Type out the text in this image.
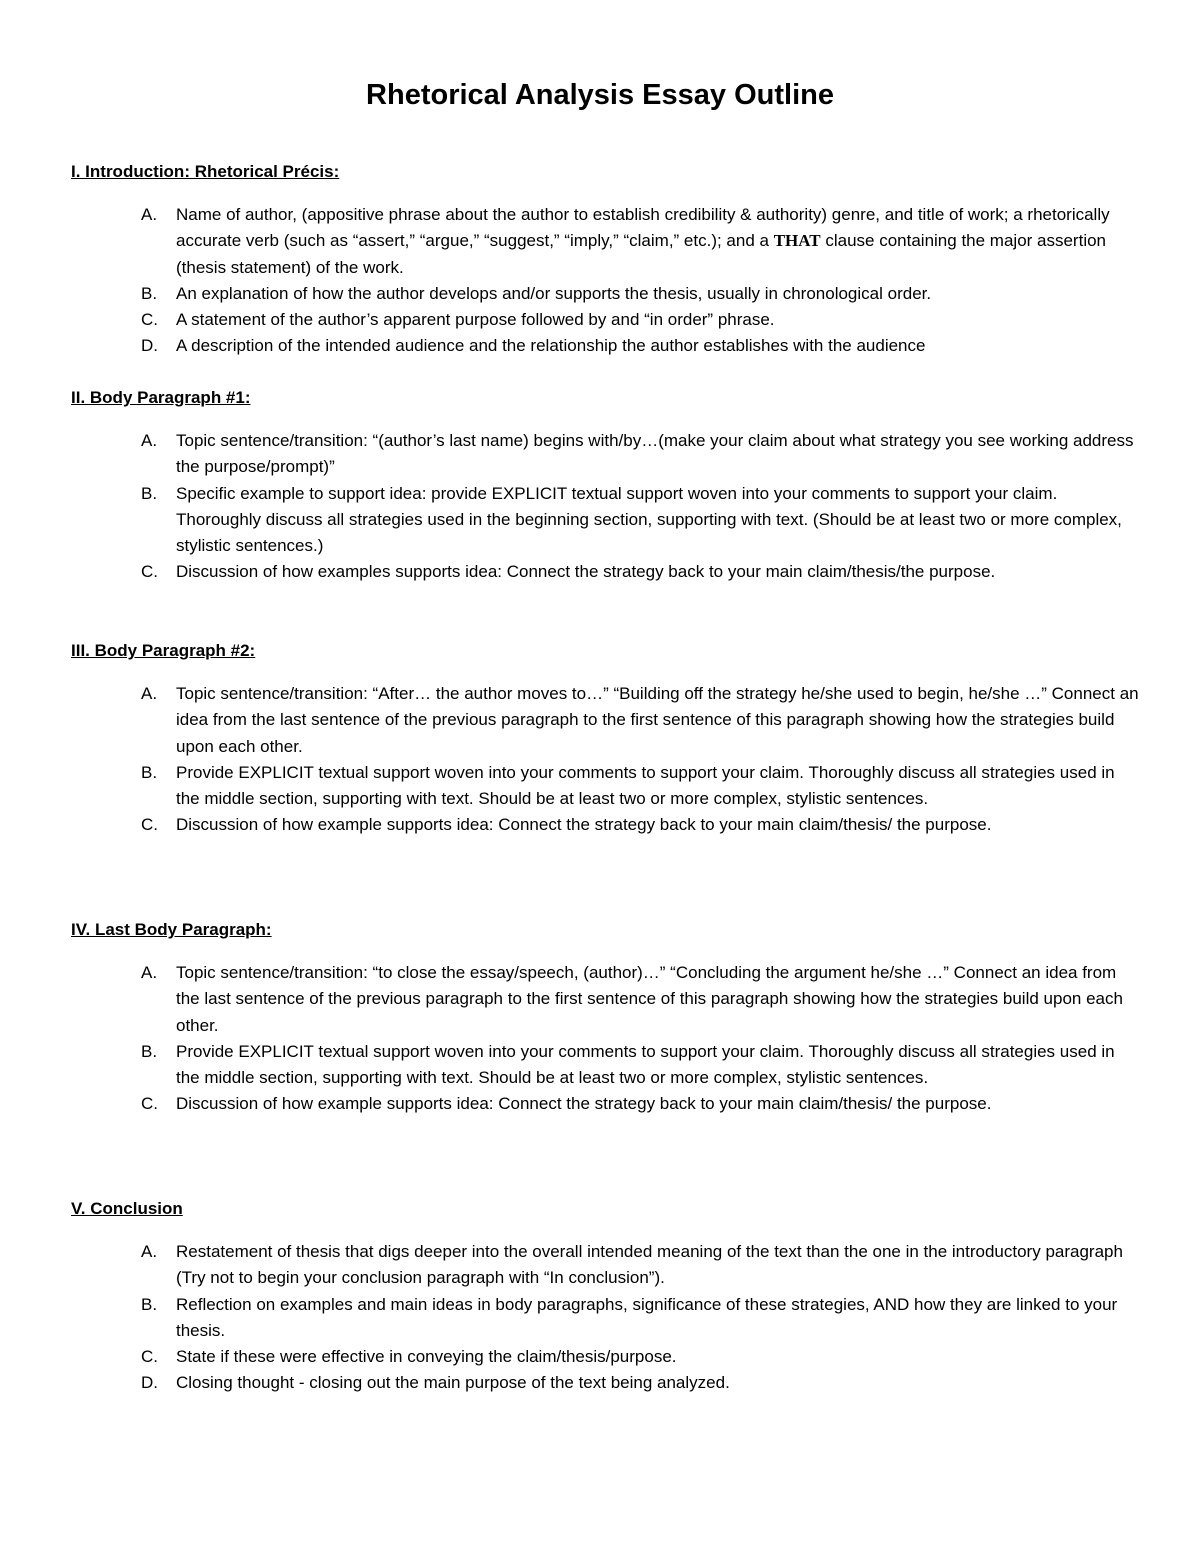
Rhetorical Analysis Essay Outline
I. Introduction: Rhetorical Précis:
A.	Name of author, (appositive phrase about the author to establish credibility & authority) genre, and title of work; a rhetorically accurate verb (such as “assert,” “argue,” “suggest,” “imply,” “claim,” etc.); and a THAT clause containing the major assertion (thesis statement) of the work.
B.	An explanation of how the author develops and/or supports the thesis, usually in chronological order.
C.	A statement of the author’s apparent purpose followed by and “in order” phrase.
D.	A description of the intended audience and the relationship the author establishes with the audience
II. Body Paragraph #1:
A.	Topic sentence/transition: “(author’s last name) begins with/by…(make your claim about what strategy you see working address the purpose/prompt)”
B.	Specific example to support idea: provide EXPLICIT textual support woven into your comments to support your claim. Thoroughly discuss all strategies used in the beginning section, supporting with text. (Should be at least two or more complex, stylistic sentences.)
C.	Discussion of how examples supports idea: Connect the strategy back to your main claim/thesis/the purpose.
III. Body Paragraph #2:
A.	Topic sentence/transition: “After… the author moves to…” “Building off the strategy he/she used to begin, he/she …” Connect an idea from the last sentence of the previous paragraph to the first sentence of this paragraph showing how the strategies build upon each other.
B.	Provide EXPLICIT textual support woven into your comments to support your claim. Thoroughly discuss all strategies used in the middle section, supporting with text. Should be at least two or more complex, stylistic sentences.
C.	Discussion of how example supports idea: Connect the strategy back to your main claim/thesis/ the purpose.
IV. Last Body Paragraph:
A.	Topic sentence/transition: “to close the essay/speech, (author)…” “Concluding the argument he/she …” Connect an idea from the last sentence of the previous paragraph to the first sentence of this paragraph showing how the strategies build upon each other.
B.	Provide EXPLICIT textual support woven into your comments to support your claim. Thoroughly discuss all strategies used in the middle section, supporting with text. Should be at least two or more complex, stylistic sentences.
C.	Discussion of how example supports idea: Connect the strategy back to your main claim/thesis/ the purpose.
V. Conclusion
A.	Restatement of thesis that digs deeper into the overall intended meaning of the text than the one in the introductory paragraph (Try not to begin your conclusion paragraph with “In conclusion”).
B.	Reflection on examples and main ideas in body paragraphs, significance of these strategies, AND how they are linked to your thesis.
C.	State if these were effective in conveying the claim/thesis/purpose.
D.	Closing thought - closing out the main purpose of the text being analyzed.
